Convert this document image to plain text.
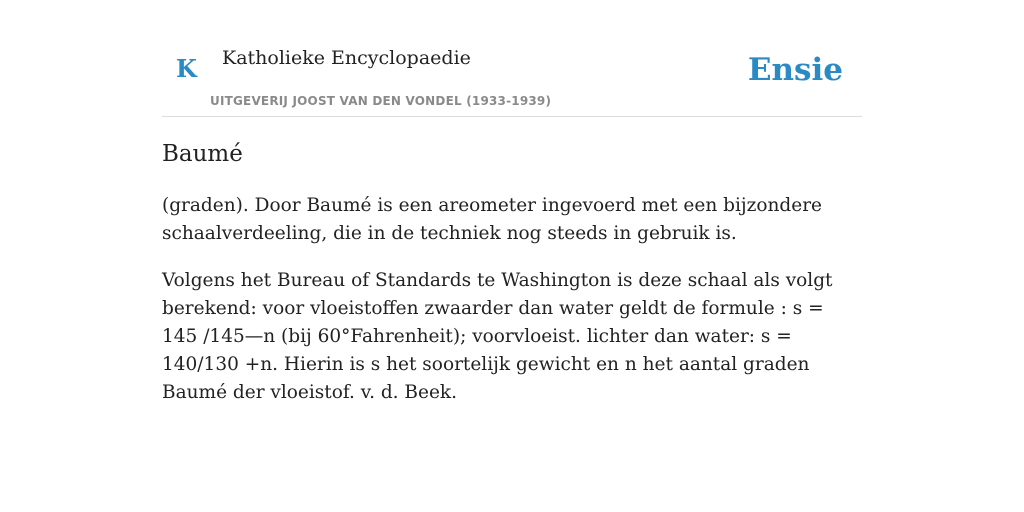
K Katholieke Encyclopaedie
UITGEVERIJ JOOST VAN DEN VONDEL (1933-1939)
Ensie
Baumé

(graden). Door Baumé is een areometer ingevoerd met een bijzondere schaalverdeeling, die in de techniek nog steeds in gebruik is.

Volgens het Bureau of Standards te Washington is deze schaal als volgt berekend: voor vloeistoffen zwaarder dan water geldt de formule : s = 145 /145—n (bij 60°Fahrenheit); voorvloeist. lichter dan water: s = 140/130 +n. Hierin is s het soortelijk gewicht en n het aantal graden Baumé der vloeistof. v. d. Beek.
